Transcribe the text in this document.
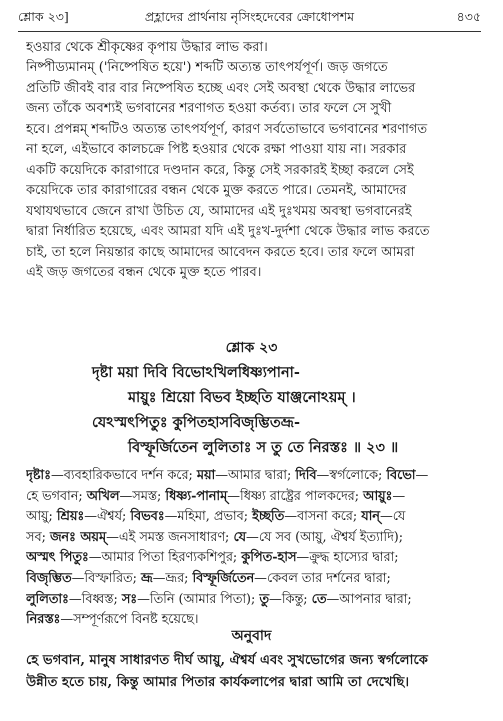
শ্লোক ২৩]	প্রহ্লাদের প্রার্থনায় নৃসিংহদেবের ক্রোধোপশম	৪৩৫

হওয়ার থেকে শ্রীকৃষ্ণের কৃপায় উদ্ধার লাভ করা।

নিষ্পীড্যমানম্ ('নিষ্পেষিত হয়ে') শব্দটি অত্যন্ত তাৎপর্যপূর্ণ। জড় জগতে
প্রতিটি জীবই বার বার নিষ্পেষিত হচ্ছে এবং সেই অবস্থা থেকে উদ্ধার লাভের
জন্য তাঁকে অবশ্যই ভগবানের শরণাগত হওয়া কর্তব্য। তার ফলে সে সুখী
হবে। প্রপন্নম্ শব্দটিও অত্যন্ত তাৎপর্যপূর্ণ, কারণ সর্বতোভাবে ভগবানের শরণাগত
না হলে, এইভাবে কালচক্রে পিষ্ট হওয়ার থেকে রক্ষা পাওয়া যায় না। সরকার
একটি কয়েদিকে কারাগারে দণ্ডদান করে, কিন্তু সেই সরকারই ইচ্ছা করলে সেই
কয়েদিকে তার কারাগারের বন্ধন থেকে মুক্ত করতে পারে। তেমনই, আমাদের
যথাযথভাবে জেনে রাখা উচিত যে, আমাদের এই দুঃখময় অবস্থা ভগবানেরই
দ্বারা নির্ধারিত হয়েছে, এবং আমরা যদি এই দুঃখ-দুর্দশা থেকে উদ্ধার লাভ করতে
চাই, তা হলে নিয়ন্তার কাছে আমাদের আবেদন করতে হবে। তার ফলে আমরা
এই জড় জগতের বন্ধন থেকে মুক্ত হতে পারব।

শ্লোক ২৩
দৃষ্টা ময়া দিবি বিভোঽখিলধিষ্ণ্যপানা-
মায়ুঃ শ্রিয়ো বিভব ইচ্ছতি যাঞ্জনোঽয়ম্ ।
যেঽস্মৎপিতুঃ কুপিতহাসবিজৃম্ভিতভ্রূ-
বিস্ফূর্জিতেন লুলিতাঃ স তু তে নিরস্তঃ ॥ ২৩ ॥
দৃষ্টাঃ—ব্যবহারিকভাবে দর্শন করে; ময়া—আমার দ্বারা; দিবি—স্বর্গলোকে; বিভো—
হে ভগবান; অখিল—সমস্ত; ধিষ্ণ্য-পানাম্—ধিষ্ণ্য রাষ্ট্রের পালকদের; আয়ুঃ—
আয়ু; শ্রিয়ঃ—ঐশ্বর্য; বিভবঃ—মহিমা, প্রভাব; ইচ্ছতি—বাসনা করে; যান্—যে
সব; জনঃ অয়ম্—এই সমস্ত জনসাধারণ; যে—যে সব (আয়ু, ঐশ্বর্য ইত্যাদি);
অস্মৎ পিতুঃ—আমার পিতা হিরণ্যকশিপুর; কুপিত-হাস—ক্রুদ্ধ হাস্যের দ্বারা;
বিজৃম্ভিত—বিস্ফারিত; ভ্রূ—ভ্রূর; বিস্ফূর্জিতেন—কেবল তার দর্শনের দ্বারা;
লুলিতাঃ—বিধ্বস্ত; সঃ—তিনি (আমার পিতা); তু—কিন্তু; তে—আপনার দ্বারা;
নিরস্তঃ—সম্পূর্ণরূপে বিনষ্ট হয়েছে।
অনুবাদ
হে ভগবান, মানুষ সাধারণত দীর্ঘ আয়ু, ঐশ্বর্য এবং সুখভোগের জন্য স্বর্গলোকে
উন্নীত হতে চায়, কিন্তু আমার পিতার কার্যকলাপের দ্বারা আমি তা দেখেছি।
